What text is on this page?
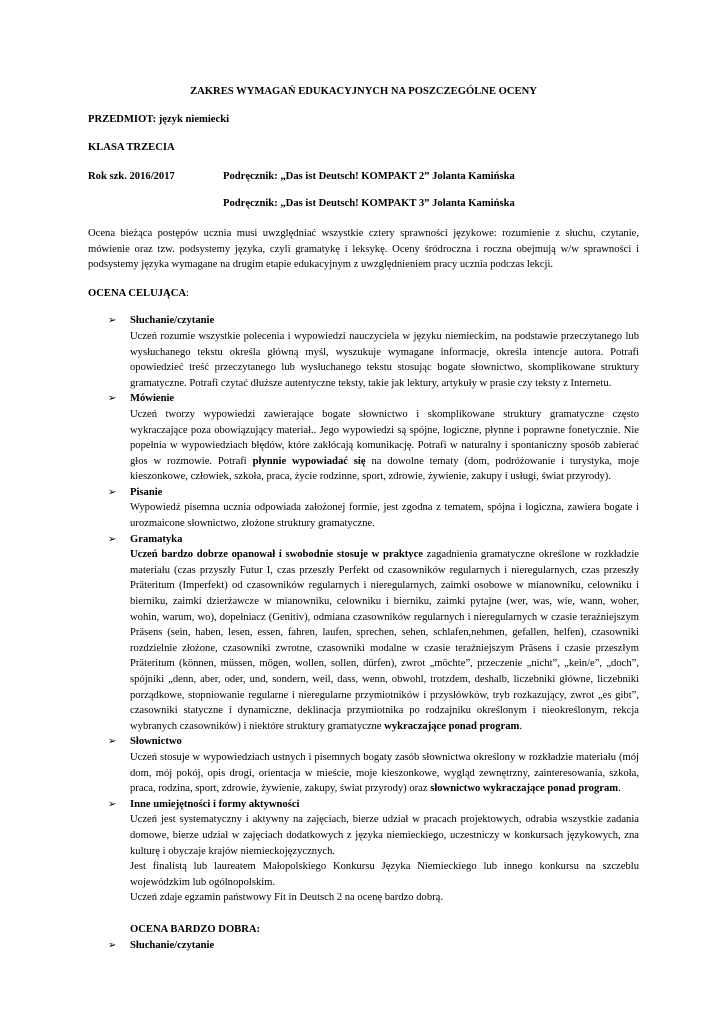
ZAKRES WYMAGAŃ EDUKACYJNYCH NA POSZCZEGÓLNE OCENY
PRZEDMIOT: język niemiecki
KLASA TRZECIA
Rok szk. 2016/2017	Podręcznik: „Das ist Deutsch! KOMPAKT 2” Jolanta Kamińska
Podręcznik: „Das ist Deutsch! KOMPAKT 3” Jolanta Kamińska
Ocena bieżąca postępów ucznia musi uwzględniać wszystkie cztery sprawności językowe: rozumienie z słuchu, czytanie, mówienie oraz tzw. podsystemy języka, czyli gramatykę i leksykę. Oceny śródroczna i roczna obejmują w/w sprawności i podsystemy języka wymagane na drugim etapie edukacyjnym z uwzględnieniem pracy ucznia podczas lekcji.
OCENA CELUJĄCA:
➢ Słuchanie/czytanie
Uczeń rozumie wszystkie polecenia i wypowiedzi nauczyciela w języku niemieckim, na podstawie przeczytanego lub wysłuchanego tekstu określa główną myśl, wyszukuje wymagane informacje, określa intencje autora. Potrafi opowiedzieć treść przeczytanego lub wysłuchanego tekstu stosując bogate słownictwo, skomplikowane struktury gramatyczne. Potrafi czytać dłuższe autentyczne teksty, takie jak lektury, artykuły w prasie czy teksty z Internetu.
➢ Mówienie
Uczeń tworzy wypowiedzi zawierające bogate słownictwo i skomplikowane struktury gramatyczne często wykraczające poza obowiązujący materiał.. Jego wypowiedzi są spójne, logiczne, płynne i poprawne fonetycznie. Nie popełnia w wypowiedziach błędów, które zakłócają komunikację. Potrafi w naturalny i spontaniczny sposób zabierać głos w rozmowie. Potrafi płynnie wypowiadać się na dowolne tematy (dom, podróżowanie i turystyka, moje kieszonkowe, człowiek, szkoła, praca, życie rodzinne, sport, zdrowie, żywienie, zakupy i usługi, świat przyrody).
➢ Pisanie
Wypowiedź pisemna ucznia odpowiada założonej formie, jest zgodna z tematem, spójna i logiczna, zawiera bogate i urozmaicone słownictwo, złożone struktury gramatyczne.
➢ Gramatyka
Uczeń bardzo dobrze opanował i swobodnie stosuje w praktyce zagadnienia gramatyczne określone w rozkładzie materiału (czas przyszły Futur I, czas przeszły Perfekt od czasowników regularnych i nieregularnych, czas przeszły Präteritum (Imperfekt) od czasowników regularnych i nieregularnych, zaimki osobowe w mianowniku, celowniku i bierniku, zaimki dzierżawcze w mianowniku, celowniku i bierniku, zaimki pytajne (wer, was, wie, wann, woher, wohin, warum, wo), dopełniacz (Genitiv), odmiana czasowników regularnych i nieregularnych w czasie teraźniejszym Präsens (sein, haben, lesen, essen, fahren, laufen, sprechen, sehen, schlafen,nehmen, gefallen, helfen), czasowniki rozdzielnie złożone, czasowniki zwrotne, czasowniki modalne w czasie teraźniejszym Präsens i czasie przeszłym Präteritum (können, müssen, mögen, wollen, sollen, dürfen), zwrot „möchte”, przeczenie „nicht”, „kein/e”, „doch”, spójniki „denn, aber, oder, und, sondern, weil, dass, wenn, obwohl, trotzdem, deshalb, liczebniki główne, liczebniki porządkowe, stopniowanie regularne i nieregularne przymiotników i przysłówków, tryb rozkazujący, zwrot „es gibt”, czasowniki statyczne i dynamiczne, deklinacja przymiotnika po rodzajniku określonym i nieokreślonym, rekcja wybranych czasowników) i niektóre struktury gramatyczne wykraczające ponad program.
➢ Słownictwo
Uczeń stosuje w wypowiedziach ustnych i pisemnych bogaty zasób słownictwa określony w rozkładzie materiału (mój dom, mój pokój, opis drogi, orientacja w mieście, moje kieszonkowe, wygląd zewnętrzny, zainteresowania, szkoła, praca, rodzina, sport, zdrowie, żywienie, zakupy, świat przyrody) oraz słownictwo wykraczające ponad program.
➢ Inne umiejętności i formy aktywności

Uczeń jest systematyczny i aktywny na zajęciach, bierze udział w pracach projektowych, odrabia wszystkie zadania domowe, bierze udział w zajęciach dodatkowych z języka niemieckiego, uczestniczy w konkursach językowych, zna kulturę i obyczaje krajów niemieckojęzycznych.

Jest finalistą lub laureatem Małopolskiego Konkursu Języka Niemieckiego lub innego konkursu na szczeblu wojewódzkim lub ogólnopolskim.

Uczeń zdaje egzamin państwowy Fit in Deutsch 2 na ocenę bardzo dobrą.

OCENA BARDZO DOBRA:
➢ Słuchanie/czytanie
